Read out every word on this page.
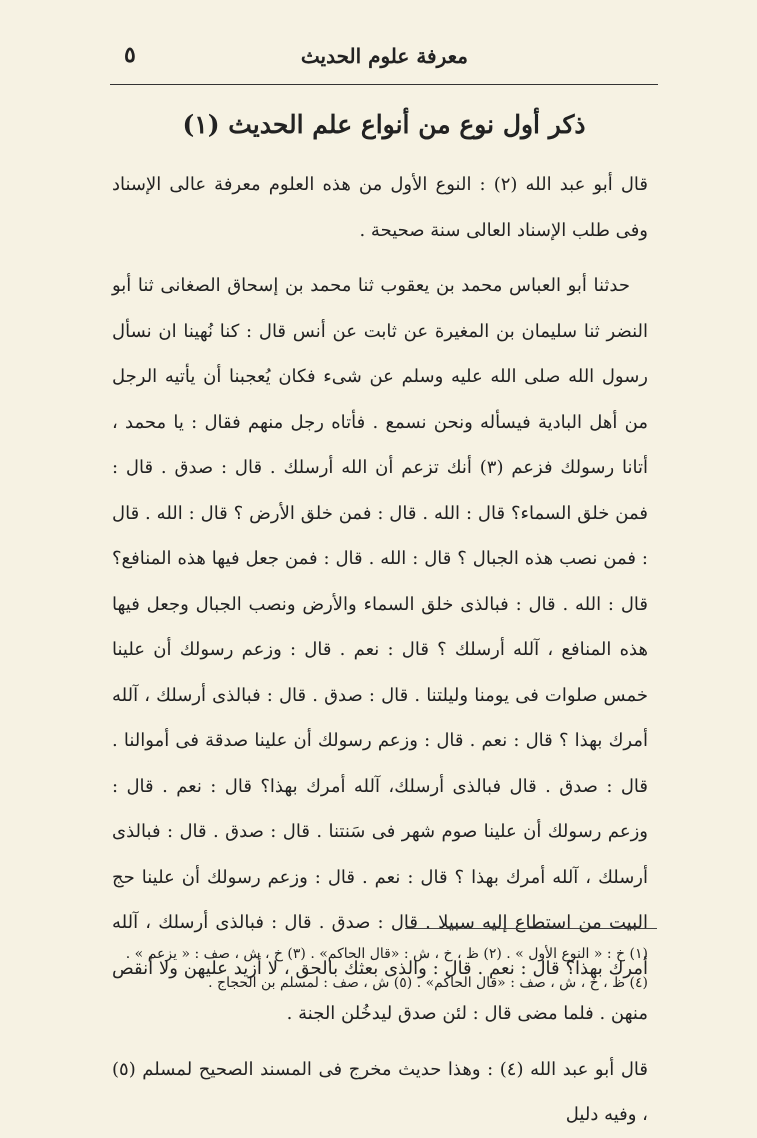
معرفة علوم الحديث
٥
ذكر أول نوع من أنواع علم الحديث (١)

قال أبو عبد الله (٢) : النوع الأول من هذه العلوم معرفة عالى الإسناد وفى طلب الإسناد العالى سنة صحيحة .

حدثنا أبو العباس محمد بن يعقوب ثنا محمد بن إسحاق الصغانى ثنا أبو النضر ثنا سليمان بن المغيرة عن ثابت عن أنس قال : كنا نُهينا ان نسأل رسول الله صلى الله عليه وسلم عن شىء فكان يُعجبنا أن يأتيه الرجل من أهل البادية فيسأله ونحن نسمع . فأتاه رجل منهم فقال : يا محمد ، أتانا رسولك فزعم (٣) أنك تزعم أن الله أرسلك . قال : صدق . قال : فمن خلق السماء؟ قال : الله . قال : فمن خلق الأرض ؟ قال : الله . قال : فمن نصب هذه الجبال ؟ قال : الله . قال : فمن جعل فيها هذه المنافع؟ قال : الله . قال : فبالذى خلق السماء والأرض ونصب الجبال وجعل فيها هذه المنافع ، آلله أرسلك ؟ قال : نعم . قال : وزعم رسولك أن علينا خمس صلوات فى يومنا وليلتنا . قال : صدق . قال : فبالذى أرسلك ، آلله أمرك بهذا ؟ قال : نعم . قال : وزعم رسولك أن علينا صدقة فى أموالنا . قال : صدق . قال فبالذى أرسلك، آلله أمرك بهذا؟ قال : نعم . قال : وزعم رسولك أن علينا صوم شهر فى سَنتنا . قال : صدق . قال : فبالذى أرسلك ، آلله أمرك بهذا ؟ قال : نعم . قال : وزعم رسولك أن علينا حج البيت من استطاع إليه سبيلا . قال : صدق . قال : فبالذى أرسلك ، آلله أمرك بهذا؟ قال : نعم . قال : والذى بعثك بالحق ، لا أزيد عليهن ولا أنقص منهن . فلما مضى قال : لئن صدق ليدخُلن الجنة .

قال أبو عبد الله (٤) : وهذا حديث مخرج فى المسند الصحيح لمسلم (٥) ، وفيه دليل

(١) خ : « النوع الأول » . (٢) ظ ، خ ، ش : «قال الحاكم» . (٣) خ ، ش ، صف : « يزعم » . (٤) ظ ، خ ، ش ، صف : «قال الحاكم» . (٥) ش ، صف : لمسلم بن الحجاج .
